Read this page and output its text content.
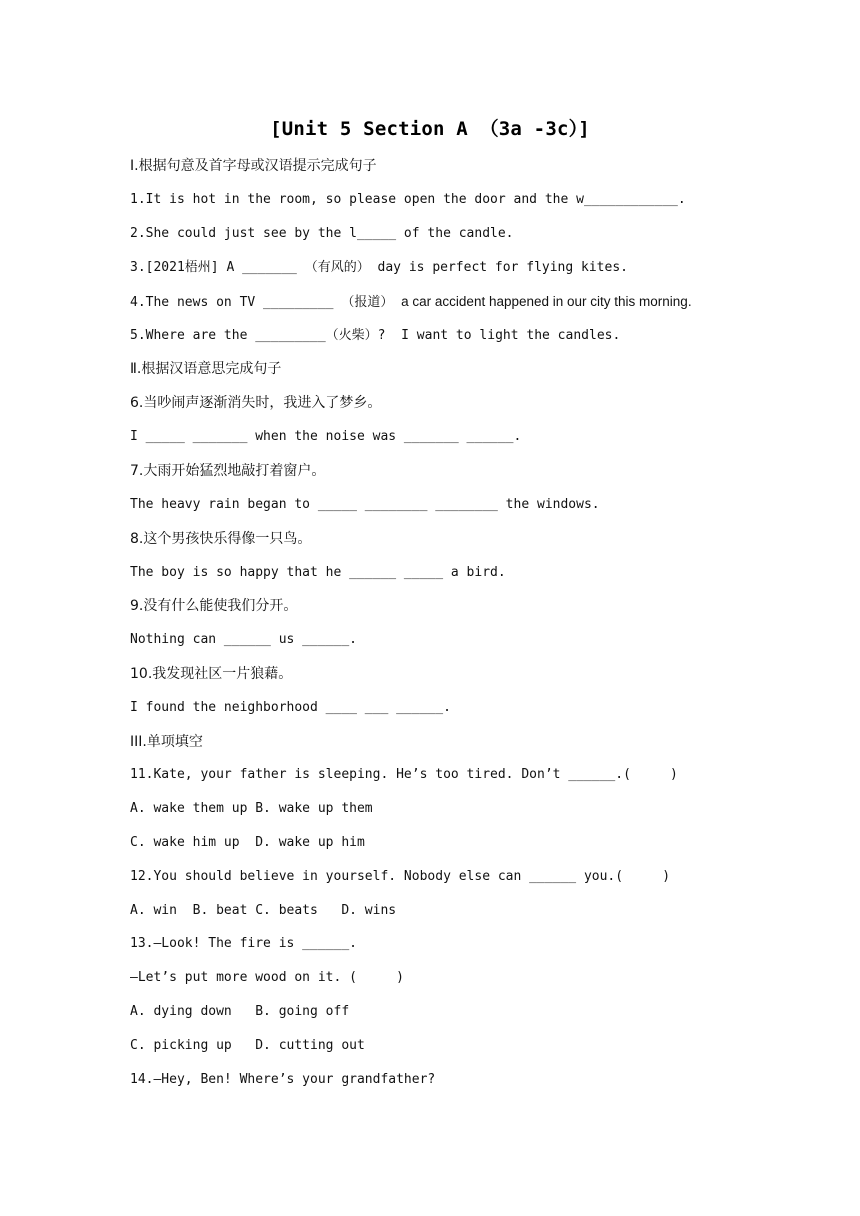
[Unit 5 Section A （3a -3c）]
Ⅰ.根据句意及首字母或汉语提示完成句子
1.It is hot in the room, so please open the door and the w____________.
2.She could just see by the l_____ of the candle.
3.[2021梧州] A _______ （有风的） day is perfect for flying kites.
4.The news on TV _________ （报道） a car accident happened in our city this morning.
5.Where are the _________（火柴）?  I want to light the candles.
Ⅱ.根据汉语意思完成句子
6.当吵闹声逐渐消失时，我进入了梦乡。
I _____ _______ when the noise was _______ ______.
7.大雨开始猛烈地敲打着窗户。
The heavy rain began to _____ ________ ________ the windows.
8.这个男孩快乐得像一只鸟。
The boy is so happy that he ______ _____ a bird.
9.没有什么能使我们分开。
Nothing can ______ us ______.
10.我发现社区一片狼藉。
I found the neighborhood ____ ___ ______.
III.单项填空
11.Kate, your father is sleeping. He’s too tired. Don’t ______.(     )
A. wake them up B. wake up them
C. wake him up  D. wake up him
12.You should believe in yourself. Nobody else can ______ you.(     )
A. win  B. beat C. beats   D. wins
13.—Look! The fire is ______.
—Let’s put more wood on it. (     )
A. dying down   B. going off
C. picking up   D. cutting out
14.—Hey, Ben! Where’s your grandfather?
